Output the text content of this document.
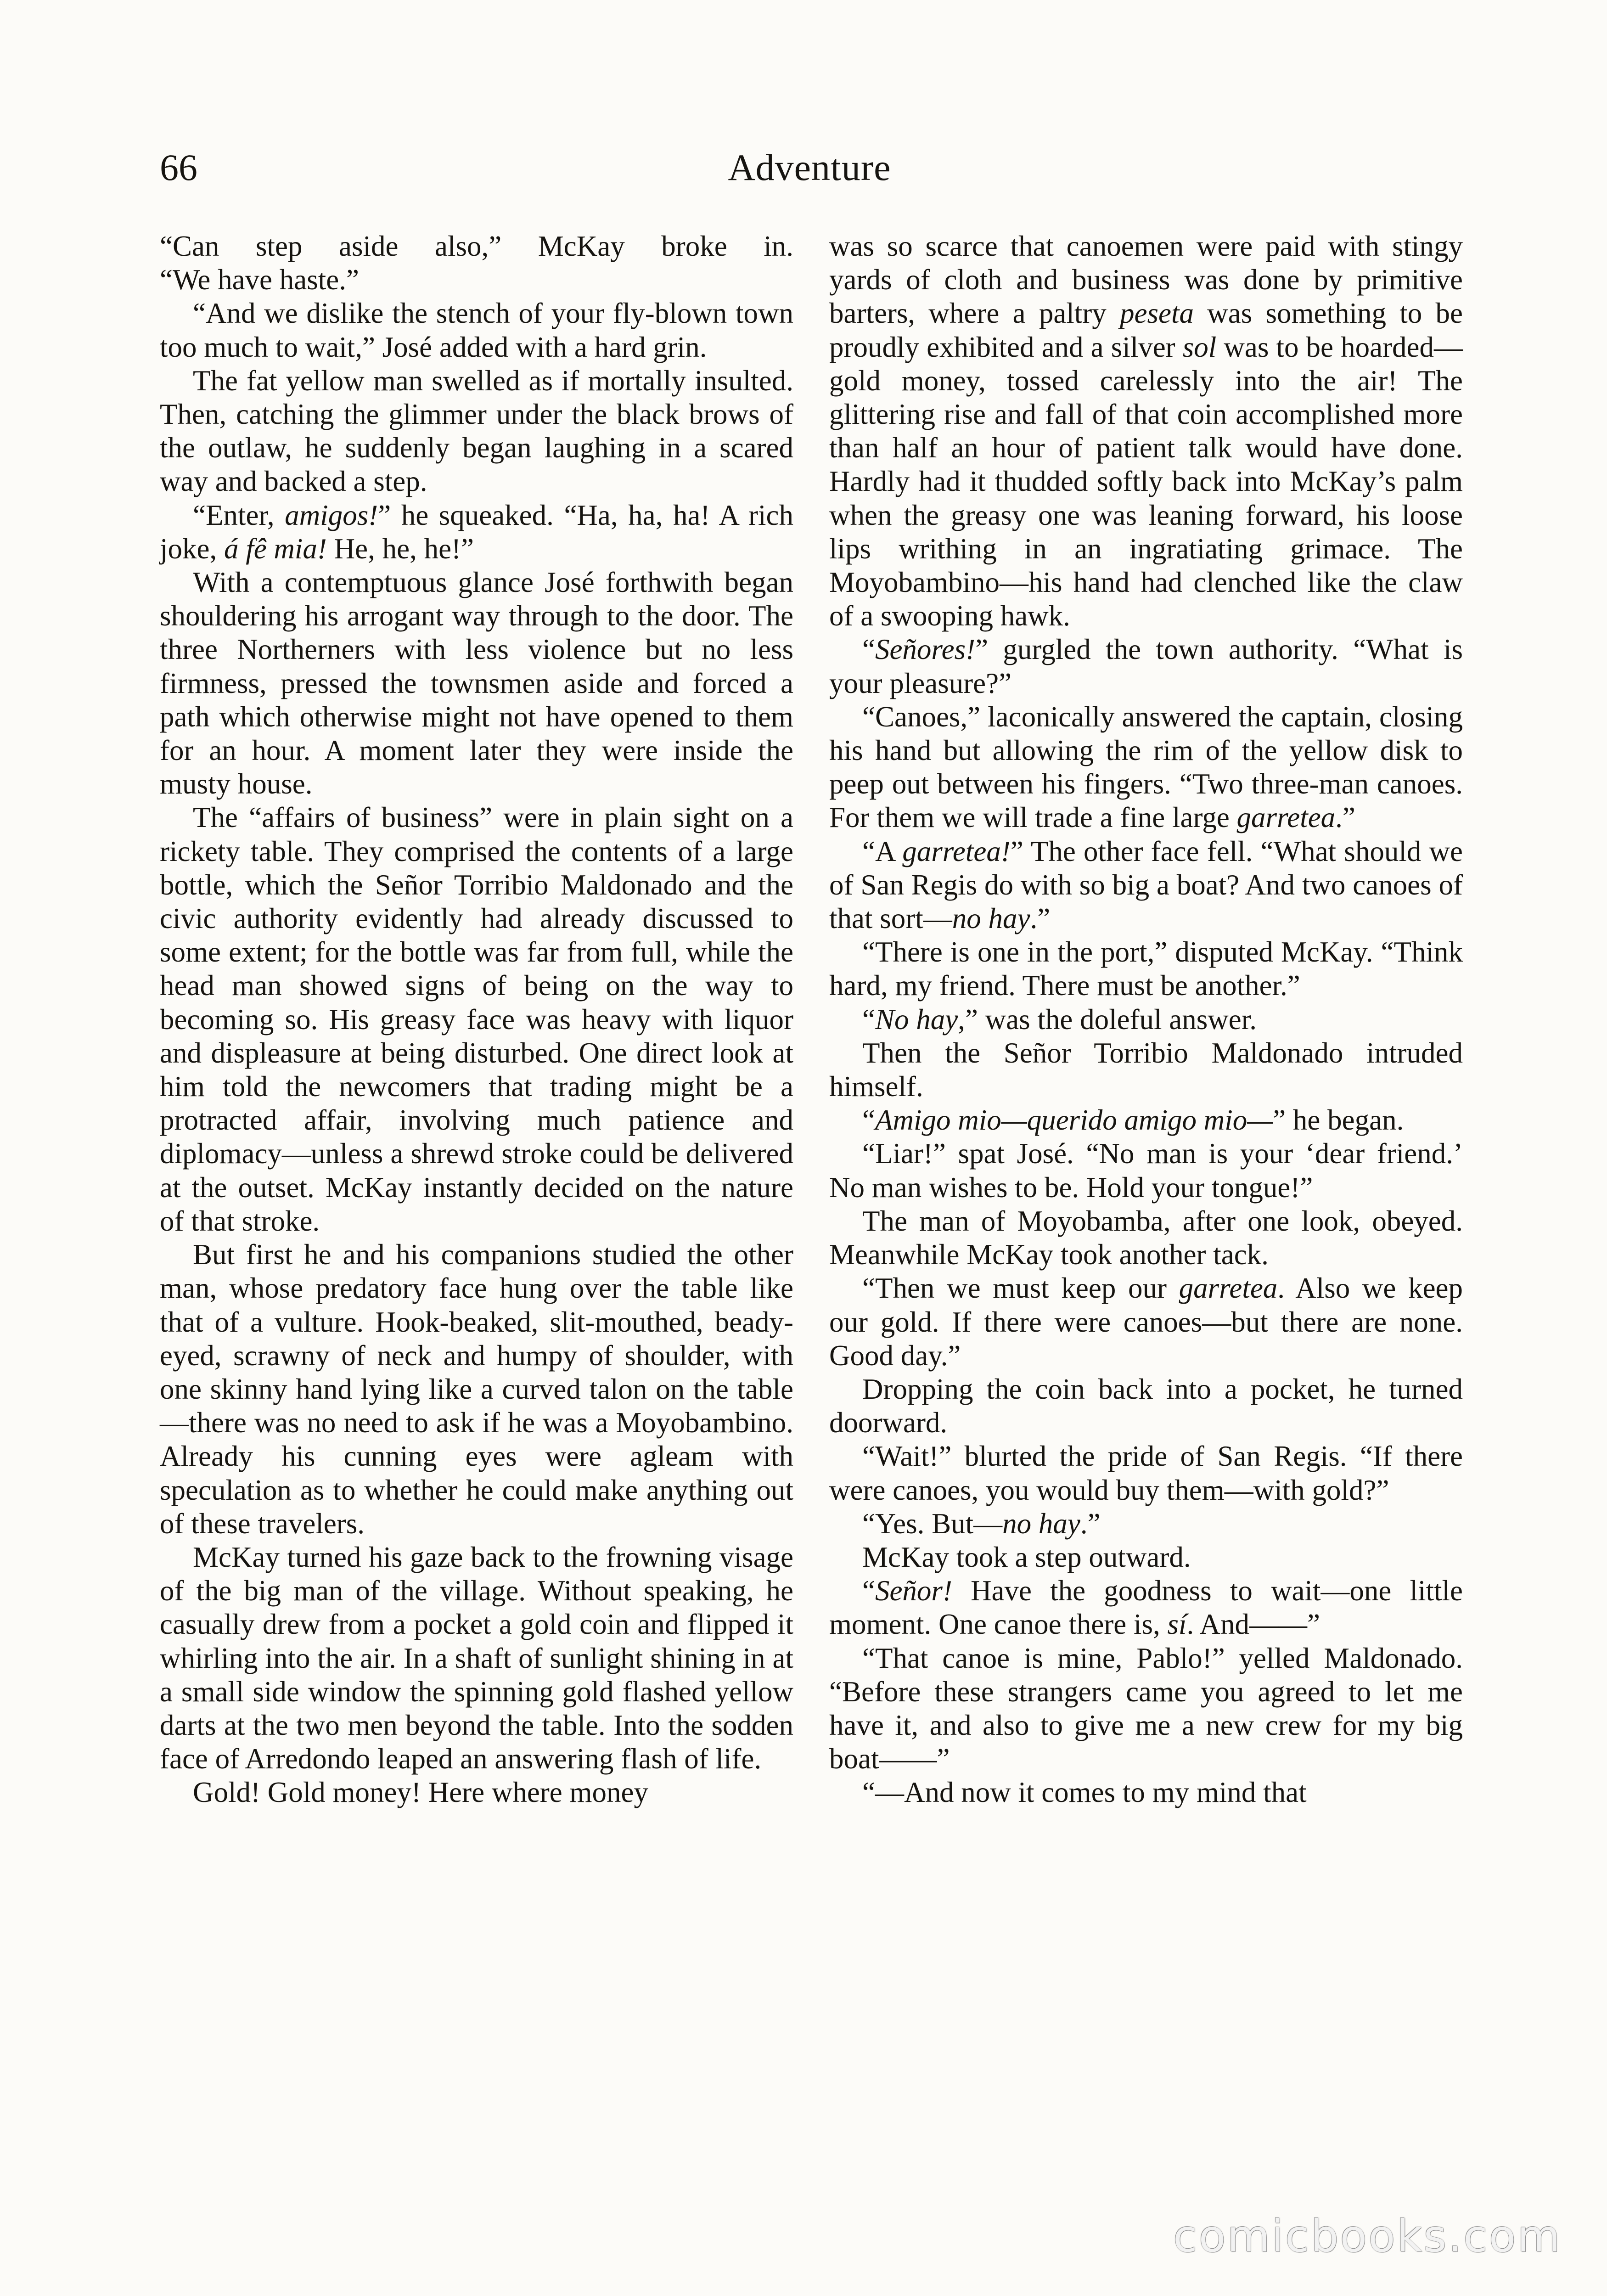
66	Adventure

“Can step aside also,” McKay broke in.

“We have haste.”

“And we dislike the stench of your fly-blown town too much to wait,” José added with a hard grin.

The fat yellow man swelled as if mortally insulted. Then, catching the glimmer under the black brows of the outlaw, he suddenly began laughing in a scared way and backed a step.

“Enter, amigos!” he squeaked. “Ha, ha, ha! A rich joke, á fê mia! He, he, he!”

With a contemptuous glance José forthwith began shouldering his arrogant way through to the door. The three Northerners with less violence but no less firmness, pressed the townsmen aside and forced a path which otherwise might not have opened to them for an hour. A moment later they were inside the musty house.

The “affairs of business” were in plain sight on a rickety table. They comprised the contents of a large bottle, which the Señor Torribio Maldonado and the civic authority evidently had already discussed to some extent; for the bottle was far from full, while the head man showed signs of being on the way to becoming so. His greasy face was heavy with liquor and displeasure at being disturbed. One direct look at him told the newcomers that trading might be a protracted affair, involving much patience and diplomacy—unless a shrewd stroke could be delivered at the outset. McKay instantly decided on the nature of that stroke.

But first he and his companions studied the other man, whose predatory face hung over the table like that of a vulture. Hook-beaked, slit-mouthed, beady-eyed, scrawny of neck and humpy of shoulder, with one skinny hand lying like a curved talon on the table—there was no need to ask if he was a Moyobambino. Already his cunning eyes were agleam with speculation as to whether he could make anything out of these travelers.

McKay turned his gaze back to the frowning visage of the big man of the village. Without speaking, he casually drew from a pocket a gold coin and flipped it whirling into the air. In a shaft of sunlight shining in at a small side window the spinning gold flashed yellow darts at the two men beyond the table. Into the sodden face of Arredondo leaped an answering flash of life.

Gold! Gold money! Here where money

was so scarce that canoemen were paid with stingy yards of cloth and business was done by primitive barters, where a paltry peseta was something to be proudly exhibited and a silver sol was to be hoarded—gold money, tossed carelessly into the air! The glittering rise and fall of that coin accomplished more than half an hour of patient talk would have done. Hardly had it thudded softly back into McKay’s palm when the greasy one was leaning forward, his loose lips writhing in an ingratiating grimace. The Moyobambino—his hand had clenched like the claw of a swooping hawk.

“Señores!” gurgled the town authority. “What is your pleasure?”

“Canoes,” laconically answered the captain, closing his hand but allowing the rim of the yellow disk to peep out between his fingers. “Two three-man canoes. For them we will trade a fine large garretea.”

“A garretea!” The other face fell. “What should we of San Regis do with so big a boat? And two canoes of that sort—no hay.”

“There is one in the port,” disputed McKay. “Think hard, my friend. There must be another.”

“No hay,” was the doleful answer.

Then the Señor Torribio Maldonado intruded himself.

“Amigo mio—querido amigo mio—” he began.

“Liar!” spat José. “No man is your ‘dear friend.’ No man wishes to be. Hold your tongue!”

The man of Moyobamba, after one look, obeyed. Meanwhile McKay took another tack.

“Then we must keep our garretea. Also we keep our gold. If there were canoes—but there are none. Good day.”

Dropping the coin back into a pocket, he turned doorward.

“Wait!” blurted the pride of San Regis. “If there were canoes, you would buy them—with gold?”

“Yes. But—no hay.”

McKay took a step outward.

“Señor! Have the goodness to wait—one little moment. One canoe there is, sí. And——”

“That canoe is mine, Pablo!” yelled Maldonado. “Before these strangers came you agreed to let me have it, and also to give me a new crew for my big boat——”

“—And now it comes to my mind that

comicbooks.com
